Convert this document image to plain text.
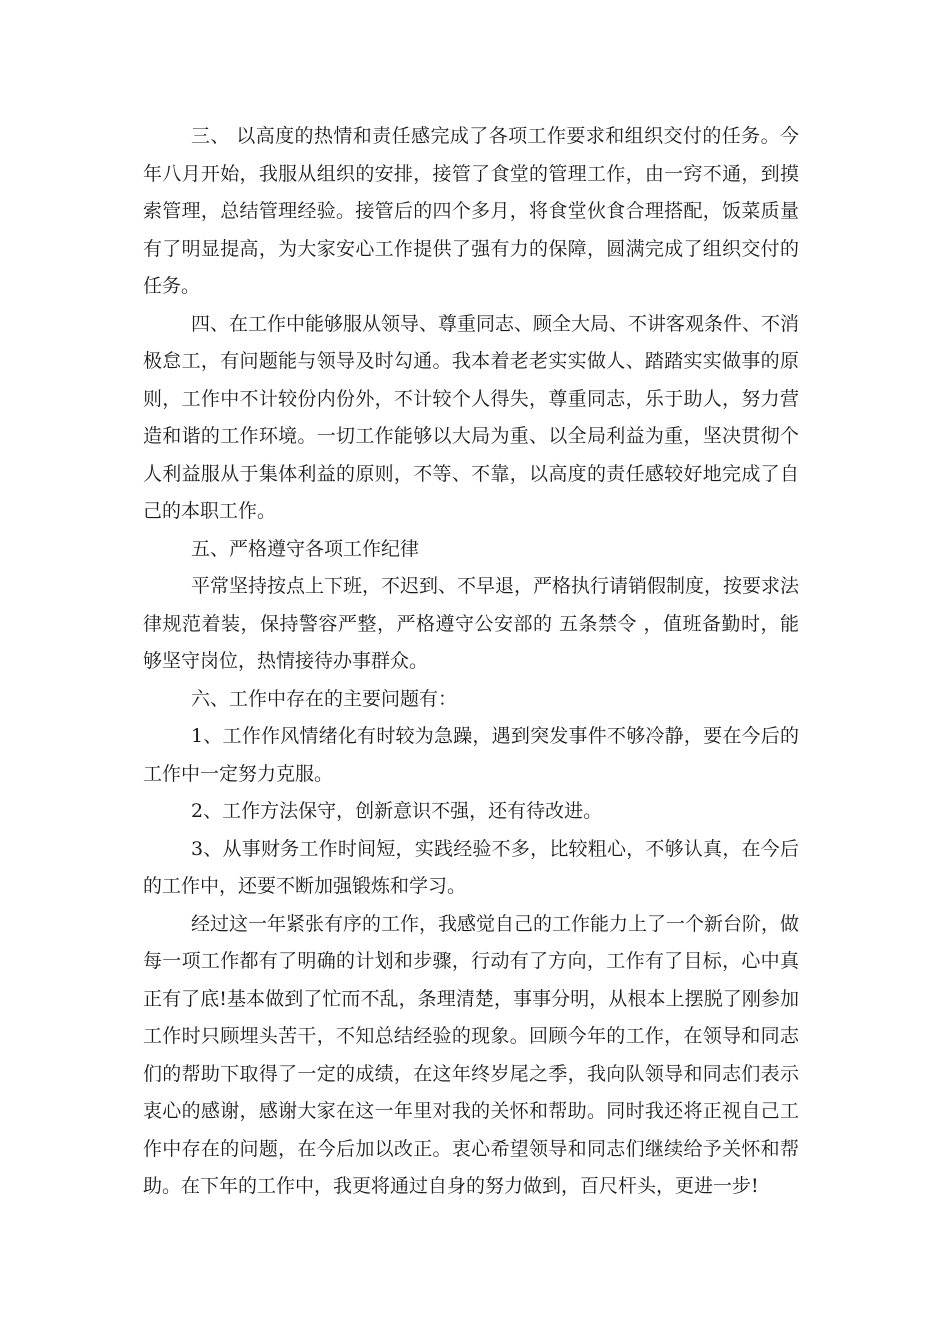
三、 以高度的热情和责任感完成了各项工作要求和组织交付的任务。今
年八月开始，我服从组织的安排，接管了食堂的管理工作，由一窍不通，到摸
索管理，总结管理经验。接管后的四个多月，将食堂伙食合理搭配，饭菜质量
有了明显提高，为大家安心工作提供了强有力的保障，圆满完成了组织交付的
任务。
四、在工作中能够服从领导、尊重同志、顾全大局、不讲客观条件、不消
极怠工，有问题能与领导及时勾通。我本着老老实实做人、踏踏实实做事的原
则，工作中不计较份内份外，不计较个人得失，尊重同志，乐于助人，努力营
造和谐的工作环境。一切工作能够以大局为重、以全局利益为重，坚决贯彻个
人利益服从于集体利益的原则，不等、不靠，以高度的责任感较好地完成了自
己的本职工作。
五、严格遵守各项工作纪律
平常坚持按点上下班，不迟到、不早退，严格执行请销假制度，按要求法
律规范着装，保持警容严整，严格遵守公安部的 五条禁令 ，值班备勤时，能
够坚守岗位，热情接待办事群众。
六、工作中存在的主要问题有：
1、工作作风情绪化有时较为急躁，遇到突发事件不够冷静，要在今后的
工作中一定努力克服。
2、工作方法保守，创新意识不强，还有待改进。
3、从事财务工作时间短，实践经验不多，比较粗心，不够认真，在今后
的工作中，还要不断加强锻炼和学习。
经过这一年紧张有序的工作，我感觉自己的工作能力上了一个新台阶，做
每一项工作都有了明确的计划和步骤，行动有了方向，工作有了目标，心中真
正有了底!基本做到了忙而不乱，条理清楚，事事分明，从根本上摆脱了刚参加
工作时只顾埋头苦干，不知总结经验的现象。回顾今年的工作，在领导和同志
们的帮助下取得了一定的成绩，在这年终岁尾之季，我向队领导和同志们表示
衷心的感谢，感谢大家在这一年里对我的关怀和帮助。同时我还将正视自己工
作中存在的问题，在今后加以改正。衷心希望领导和同志们继续给予关怀和帮
助。在下年的工作中，我更将通过自身的努力做到，百尺杆头，更进一步!
